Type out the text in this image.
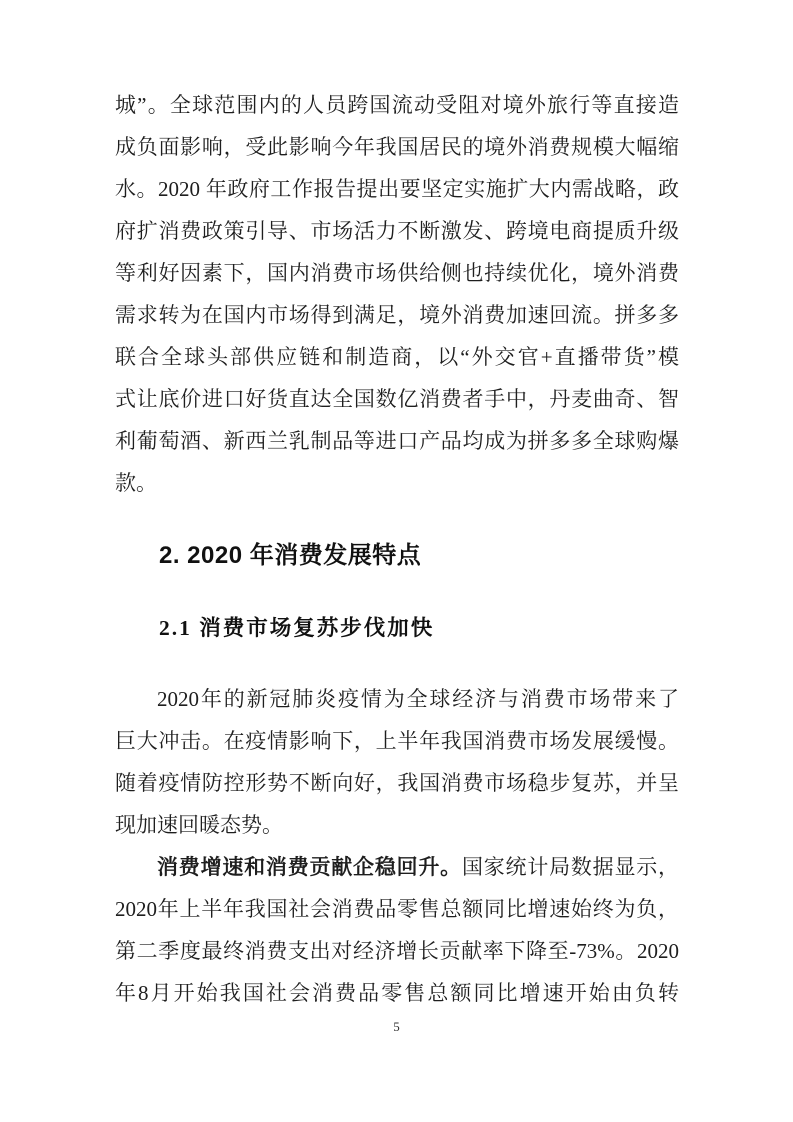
城”。全球范围内的人员跨国流动受阻对境外旅行等直接造
成负面影响，受此影响今年我国居民的境外消费规模大幅缩
水。2020 年政府工作报告提出要坚定实施扩大内需战略，政
府扩消费政策引导、市场活力不断激发、跨境电商提质升级
等利好因素下，国内消费市场供给侧也持续优化，境外消费
需求转为在国内市场得到满足，境外消费加速回流。拼多多
联合全球头部供应链和制造商，以“外交官+直播带货”模
式让底价进口好货直达全国数亿消费者手中，丹麦曲奇、智
利葡萄酒、新西兰乳制品等进口产品均成为拼多多全球购爆
款。
2. 2020 年消费发展特点
2.1 消费市场复苏步伐加快
2020年的新冠肺炎疫情为全球经济与消费市场带来了
巨大冲击。在疫情影响下，上半年我国消费市场发展缓慢。
随着疫情防控形势不断向好，我国消费市场稳步复苏，并呈
现加速回暖态势。
消费增速和消费贡献企稳回升。国家统计局数据显示，
2020年上半年我国社会消费品零售总额同比增速始终为负，
第二季度最终消费支出对经济增长贡献率下降至-73%。2020
年8月开始我国社会消费品零售总额同比增速开始由负转
5
